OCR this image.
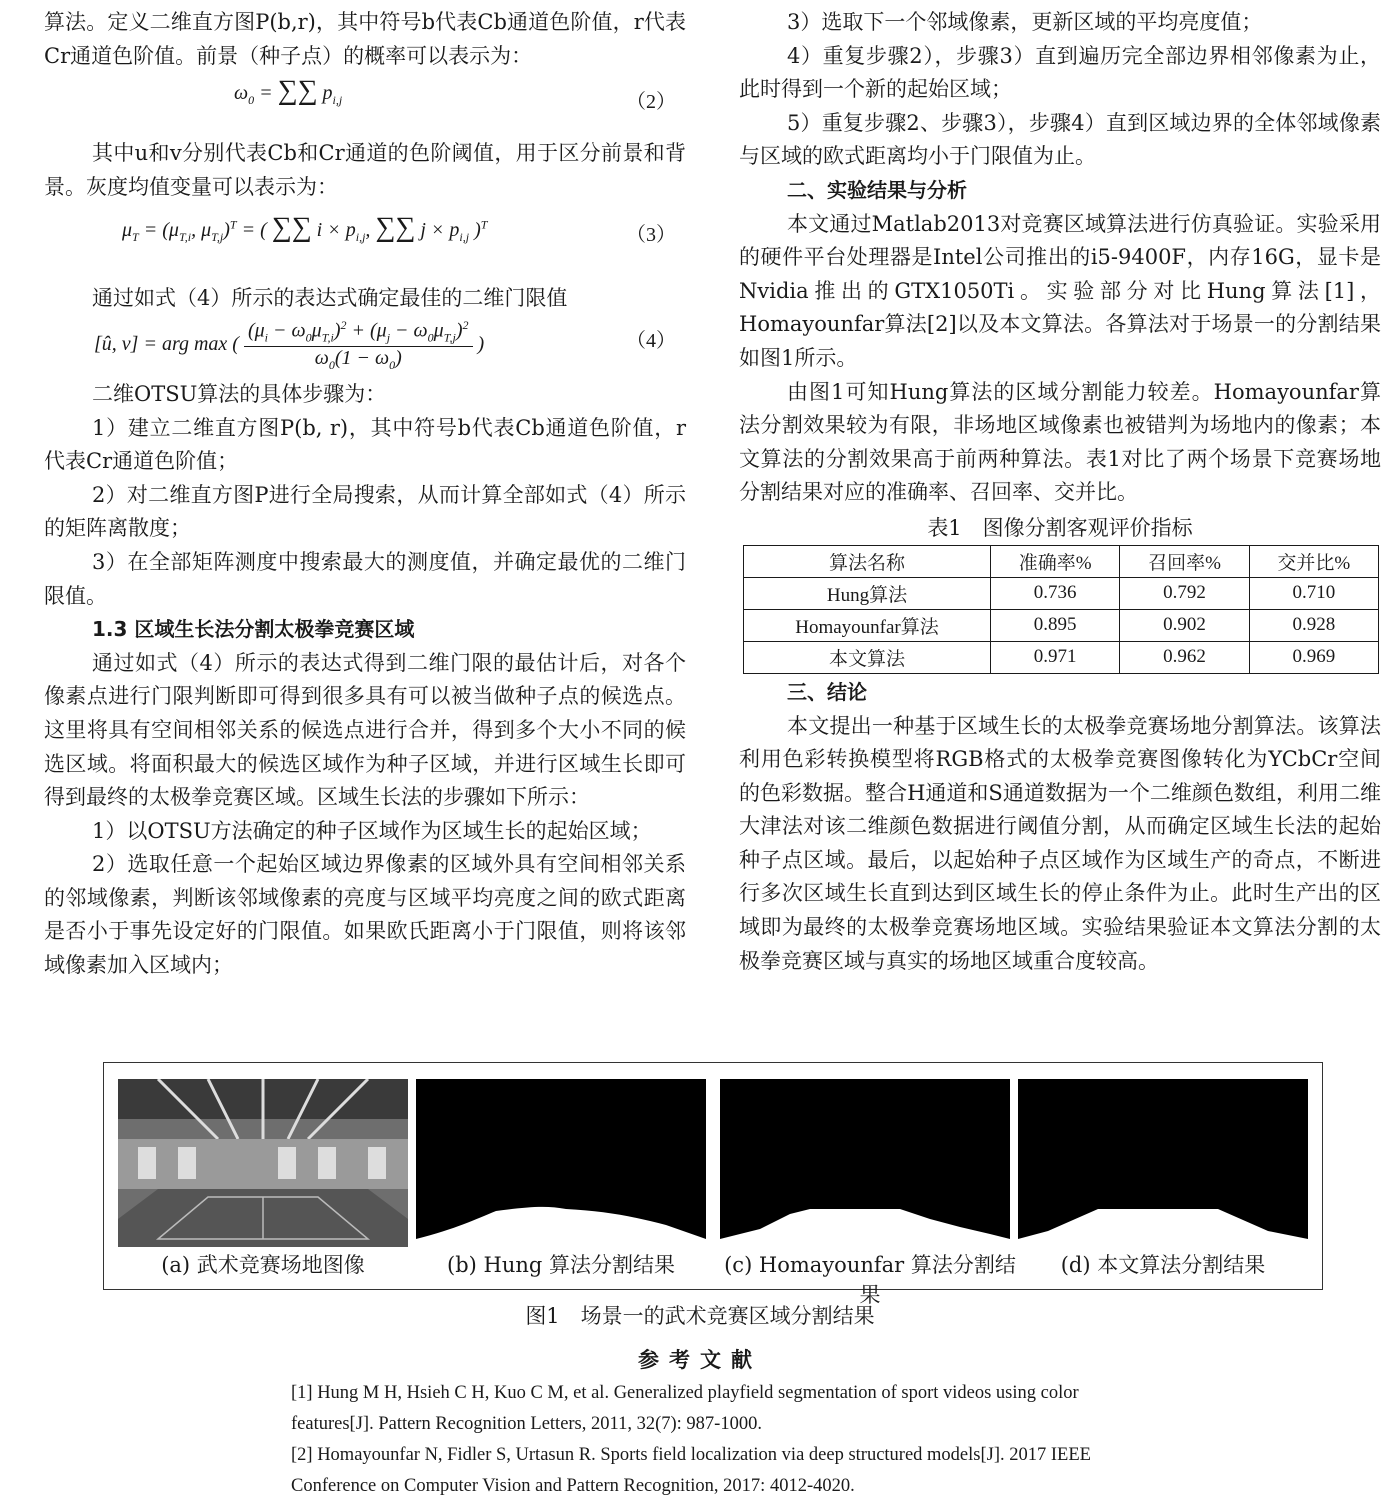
算法。定义二维直方图P(b,r)，其中符号b代表Cb通道色阶值，r代表Cr通道色阶值。前景（种子点）的概率可以表示为：

$\omega_0$ = ∑∑ $p_{i,j}$	（2）

其中u和v分别代表Cb和Cr通道的色阶阈值，用于区分前景和背景。灰度均值变量可以表示为：

$\mu_T = (\mu_{T,i}$, $\mu_{T,j})^T$ = ( ∑∑ $i \times p_{i,j}$, ∑∑ $j \times p_{i,j}$ )$^T$	（3）

通过如式（4）所示的表达式确定最佳的二维门限值

[û, v] = arg max ( $\frac{(\mu_i - \omega_0\mu_{T,i})^2 + (\mu_j - \omega_0\mu_{T,j})^2}{\omega_0(1 - \omega_0)}$ )	（4）

二维OTSU算法的具体步骤为：

1）建立二维直方图P(b, r)，其中符号b代表Cb通道色阶值，r代表Cr通道色阶值；

2）对二维直方图P进行全局搜索，从而计算全部如式（4）所示的矩阵离散度；

3）在全部矩阵测度中搜索最大的测度值，并确定最优的二维门限值。

1.3 区域生长法分割太极拳竞赛区域

通过如式（4）所示的表达式得到二维门限的最估计后，对各个像素点进行门限判断即可得到很多具有可以被当做种子点的候选点。这里将具有空间相邻关系的候选点进行合并，得到多个大小不同的候选区域。将面积最大的候选区域作为种子区域，并进行区域生长即可得到最终的太极拳竞赛区域。区域生长法的步骤如下所示：

1）以OTSU方法确定的种子区域作为区域生长的起始区域；

2）选取任意一个起始区域边界像素的区域外具有空间相邻关系的邻域像素，判断该邻域像素的亮度与区域平均亮度之间的欧式距离是否小于事先设定好的门限值。如果欧氏距离小于门限值，则将该邻域像素加入区域内；

3）选取下一个邻域像素，更新区域的平均亮度值；

4）重复步骤2），步骤3）直到遍历完全部边界相邻像素为止，此时得到一个新的起始区域；

5）重复步骤2、步骤3），步骤4）直到区域边界的全体邻域像素与区域的欧式距离均小于门限值为止。

二、实验结果与分析

本文通过Matlab2013对竞赛区域算法进行仿真验证。实验采用的硬件平台处理器是Intel公司推出的i5-9400F，内存16G，显卡是Nvidia推出的GTX1050Ti。实验部分对比Hung算法[1]，Homayounfar算法[2]以及本文算法。各算法对于场景一的分割结果如图1所示。

由图1可知Hung算法的区域分割能力较差。Homayounfar算法分割效果较为有限，非场地区域像素也被错判为场地内的像素；本文算法的分割效果高于前两种算法。表1对比了两个场景下竞赛场地分割结果对应的准确率、召回率、交并比。

表1　图像分割客观评价指标
算法名称	准确率%	召回率%	交并比%
Hung算法	0.736	0.792	0.710
Homayounfar算法	0.895	0.902	0.928
本文算法	0.971	0.962	0.969
三、结论

本文提出一种基于区域生长的太极拳竞赛场地分割算法。该算法利用色彩转换模型将RGB格式的太极拳竞赛图像转化为YCbCr空间的色彩数据。整合H通道和S通道数据为一个二维颜色数组，利用二维大津法对该二维颜色数据进行阈值分割，从而确定区域生长法的起始种子点区域。最后，以起始种子点区域作为区域生产的奇点，不断进行多次区域生长直到达到区域生长的停止条件为止。此时生产出的区域即为最终的太极拳竞赛场地区域。实验结果验证本文算法分割的太极拳竞赛区域与真实的场地区域重合度较高。

(a) 武术竞赛场地图像	(b) Hung 算法分割结果	(c) Homayounfar 算法分割结果
(d) 本文算法分割结果
图1　场景一的武术竞赛区域分割结果
参考文献
[1] Hung M H, Hsieh C H, Kuo C M, et al. Generalized playfield segmentation of sport videos using color features[J]. Pattern Recognition Letters, 2011, 32(7): 987-1000.
[2] Homayounfar N, Fidler S, Urtasun R. Sports field localization via deep structured models[J]. 2017 IEEE Conference on Computer Vision and Pattern Recognition, 2017: 4012-4020.
